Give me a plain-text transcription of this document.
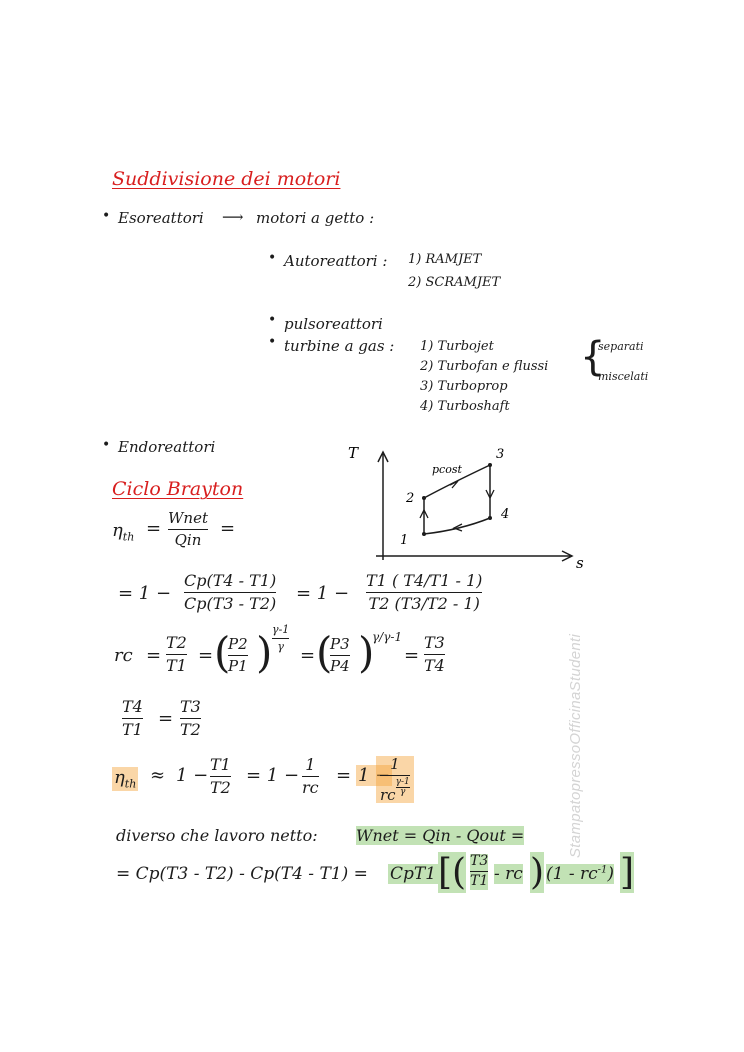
Suddivisione dei motori
• Esoreattori ⟶ motori a getto :
• Autoreattori : 1) RAMJET
2) SCRAMJET
• pulsoreattori
• turbine a gas : 1) Turbojet
2) Turbofan e flussi
3) Turboprop
4) Turboshaft
{
separati
miscelati
• Endoreattori
Ciclo Brayton
T
s
1
2
3
4
pcost
$\eta_{th}$ = Wnet
Qin
=
= 1 −
Cp(T4 - T1)
Cp(T3 - T2) = 1 −
T1 ( T4/T1 - 1)
T2 (T3/T2 - 1)
rc =
T2
T1 = (
P2
P1 ) γ-1
γ = (
P3
P4 )
γ/γ-1
=
T3
T4
T4
T1
=
T3
T2
$\eta_{th} \approx 1$ −
T1
T2
= 1 −
1
rc
= 1 −
1
rc $^{\frac{\gamma-1}{\gamma}}$
diverso che lavoro netto: Wnet = Qin - Qout =
= Cp(T3 - T2) - Cp(T4 - T1) = CpT1 [( T3
T1 - rc ) $(1 - rc^{-1})$ ]
StampatopressoOfficinaStudenti
